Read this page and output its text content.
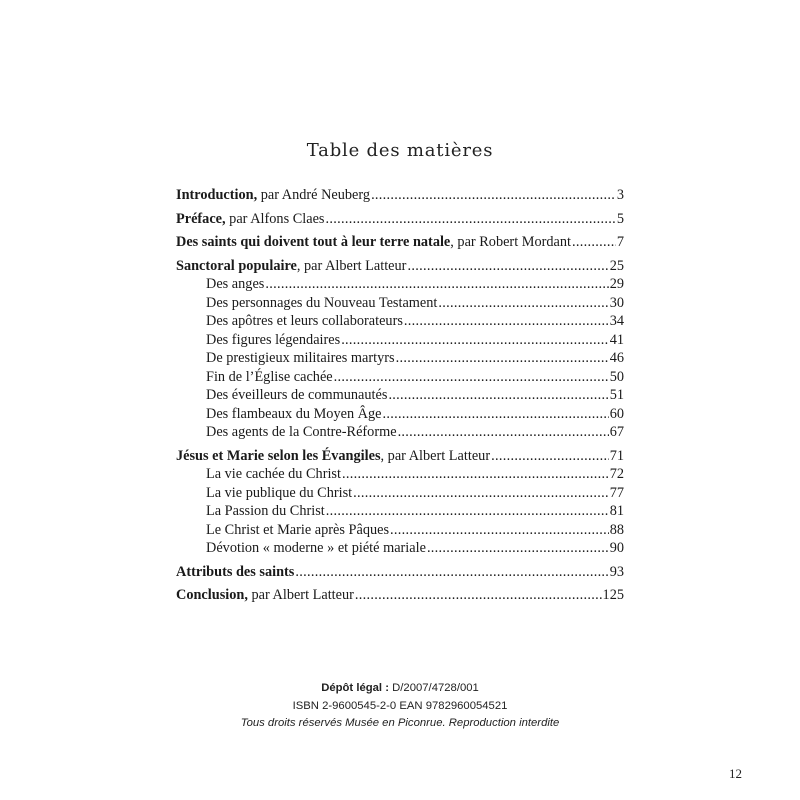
Table des matières
Introduction, par André Neuberg .....	3
Préface, par Alfons Claes .....	5
Des saints qui doivent tout à leur terre natale, par Robert Mordant .....	7
Sanctoral populaire, par Albert Latteur .....	25
Des anges .....	29
Des personnages du Nouveau Testament .....	30
Des apôtres et leurs collaborateurs .....	34
Des figures légendaires .....	41
De prestigieux militaires martyrs .....	46
Fin de l’Église cachée .....	50
Des éveilleurs de communautés .....	51
Des flambeaux du Moyen Âge .....	60
Des agents de la Contre-Réforme .....	67
Jésus et Marie selon les Évangiles, par Albert Latteur .....	71
La vie cachée du Christ .....	72
La vie publique du Christ .....	77
La Passion du Christ .....	81
Le Christ et Marie après Pâques .....	88
Dévotion « moderne » et piété mariale .....	90
Attributs des saints .....	93
Conclusion, par Albert Latteur .....	125
Dépôt légal : D/2007/4728/001
ISBN 2-9600545-2-0 EAN 9782960054521
Tous droits réservés Musée en Piconrue. Reproduction interdite
12
